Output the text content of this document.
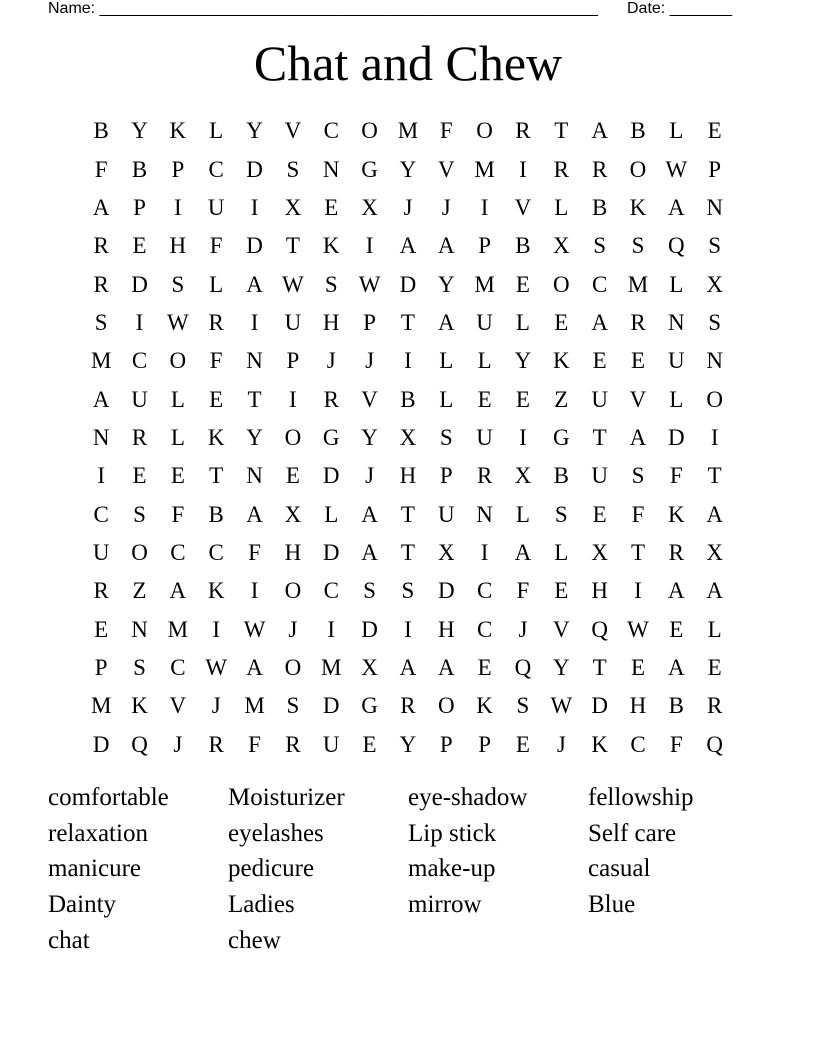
Name: ________________________________________________________ Date: _______
Chat and Chew
B Y K	L	Y V C O M F	O R	T	A B	L	E
F	B	P	C D	S	N G Y V M	I	R	R O W P
A	P	I	U	I	X	E	X	J	J	I	V	L	B K A N
R	E	H	F	D	T	K	I	A A	P	B X	S	S	Q	S
R D	S	L	A W S W D Y M E	O C M L	X
S	I	W R	I	U H	P	T	A U	L	E	A R N	S
M C O	F	N	P	J	J	I	L	L	Y K	E	E	U N
A U	L	E	T	I	R V B	L	E	E	Z	U V	L	O
N R	L	K Y O G Y X	S	U	I	G	T	A D	I
I	E	E	T	N	E	D	J	H	P	R X B U	S	F	T
C	S	F	B A X	L	A	T	U N	L	S	E	F	K A
U O C	C	F	H D A	T	X	I	A	L	X	T	R X
R	Z	A K	I	O C	S	S	D C	F	E	H	I	A A
E	N M	I	W	J	I	D	I	H C	J	V Q W E	L
P	S	C W A O M X A A	E	Q Y	T	E	A	E
M K V	J	M S	D G R O K	S W D H B	R
D Q	J	R	F	R U	E	Y	P	P	E	J	K C	F	Q
comfortable	Moisturizer	eye-shadow	fellowship
relaxation	eyelashes	Lip stick	Self care
manicure	pedicure	make-up	casual
Dainty	Ladies	mirrow	Blue
chat	chew
